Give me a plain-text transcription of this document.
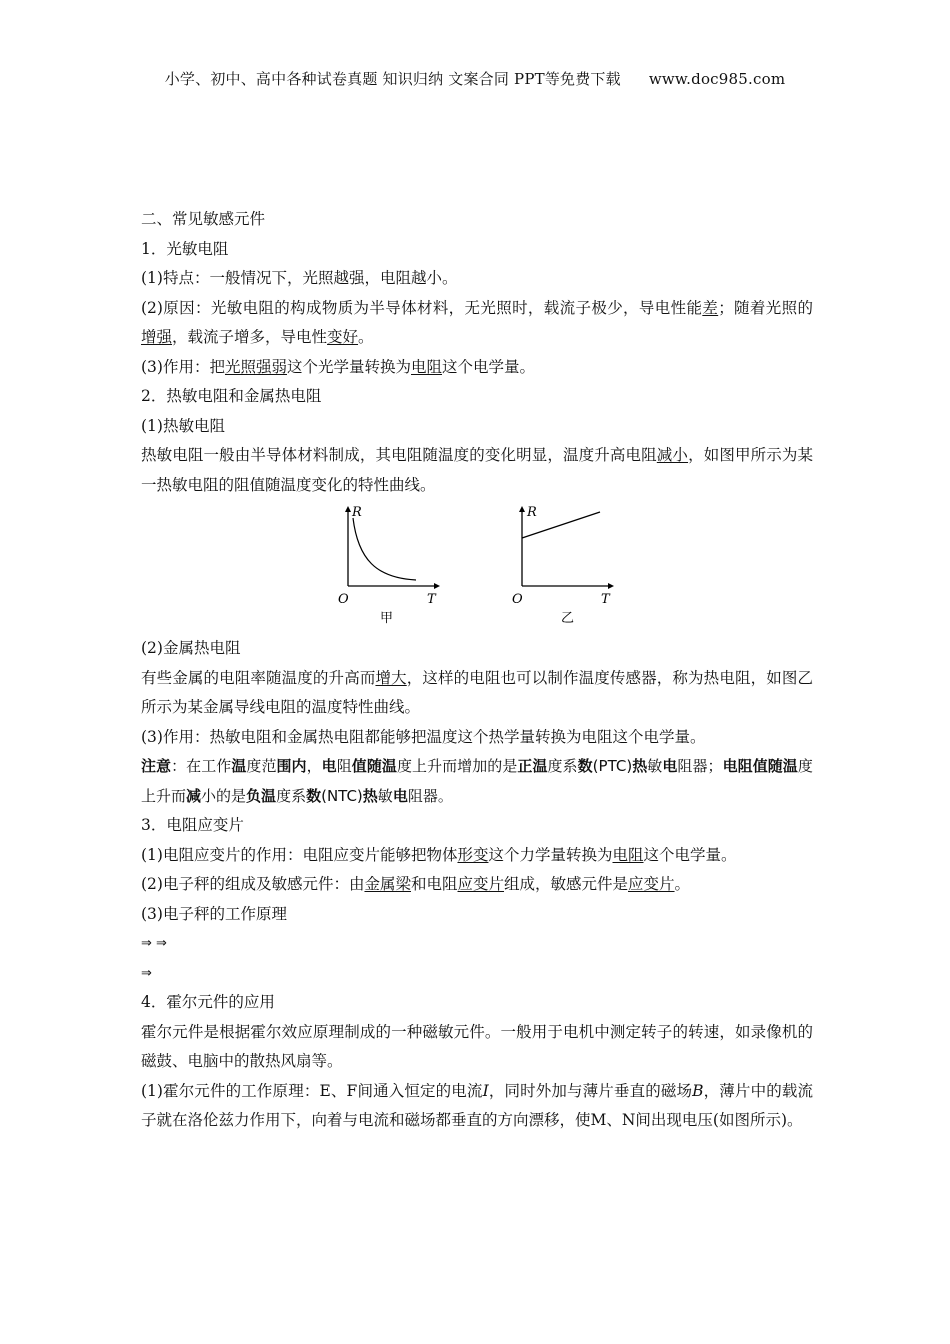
小学、初中、高中各种试卷真题 知识归纳 文案合同 PPT等免费下载 www.doc985.com
二、常见敏感元件
1．光敏电阻
(1)特点：一般情况下，光照越强，电阻越小。
(2)原因：光敏电阻的构成物质为半导体材料，无光照时，载流子极少，导电性能差；随着光照的增强，载流子增多，导电性变好。
(3)作用：把光照强弱这个光学量转换为电阻这个电学量。
2．热敏电阻和金属热电阻
(1)热敏电阻
热敏电阻一般由半导体材料制成，其电阻随温度的变化明显，温度升高电阻减小，如图甲所示为某一热敏电阻的阻值随温度变化的特性曲线。
R
T
O
甲
R
T
O
乙
(2)金属热电阻
有些金属的电阻率随温度的升高而增大，这样的电阻也可以制作温度传感器，称为热电阻，如图乙所示为某金属导线电阻的温度特性曲线。
(3)作用：热敏电阻和金属热电阻都能够把温度这个热学量转换为电阻这个电学量。
注意：在工作温度范围内，电阻值随温度上升而增加的是正温度系数(PTC)热敏电阻器；电阻值随温度上升而减小的是负温度系数(NTC)热敏电阻器。
3．电阻应变片
(1)电阻应变片的作用：电阻应变片能够把物体形变这个力学量转换为电阻这个电学量。
(2)电子秤的组成及敏感元件：由金属梁和电阻应变片组成，敏感元件是应变片。
(3)电子秤的工作原理
⇒ ⇒
⇒
4．霍尔元件的应用
霍尔元件是根据霍尔效应原理制成的一种磁敏元件。一般用于电机中测定转子的转速，如录像机的磁鼓、电脑中的散热风扇等。
(1)霍尔元件的工作原理：E、F间通入恒定的电流I，同时外加与薄片垂直的磁场B，薄片中的载流子就在洛伦兹力作用下，向着与电流和磁场都垂直的方向漂移，使M、N间出现电压(如图所示)。
